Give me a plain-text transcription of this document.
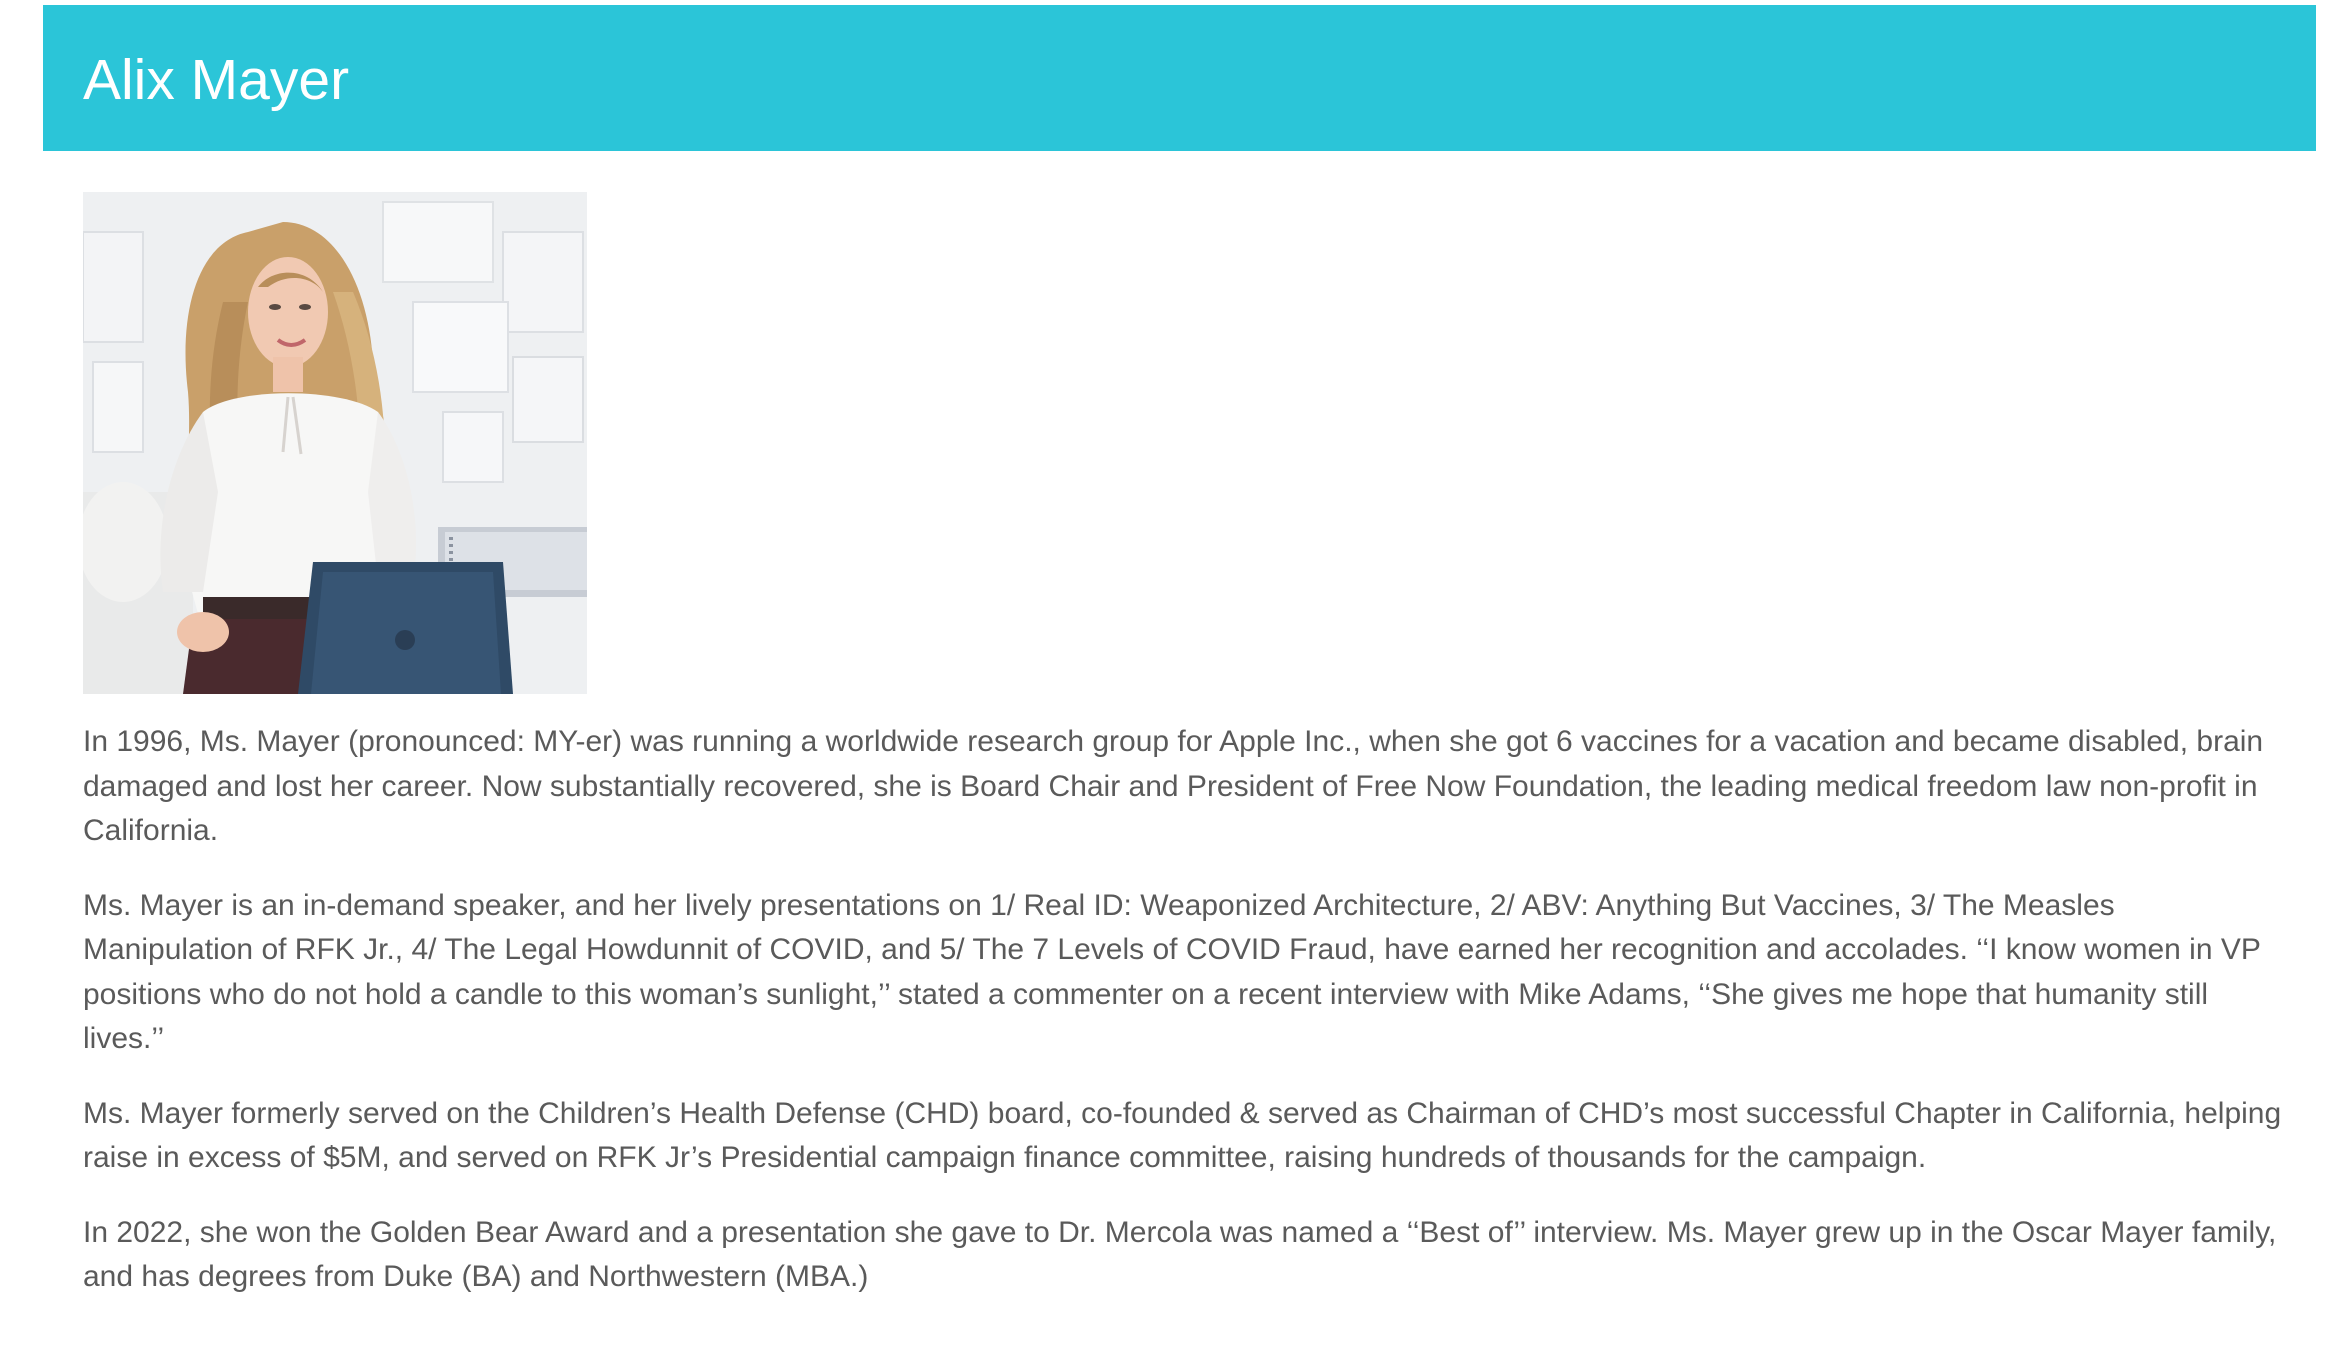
Alix Mayer

In 1996, Ms. Mayer (pronounced: MY-er) was running a worldwide research group for Apple Inc., when she got 6 vaccines for a vacation and became disabled, brain damaged and lost her career. Now substantially recovered, she is Board Chair and President of Free Now Foundation, the leading medical freedom law non-profit in California.

Ms. Mayer is an in-demand speaker, and her lively presentations on 1/ Real ID: Weaponized Architecture, 2/ ABV: Anything But Vaccines, 3/ The Measles Manipulation of RFK Jr., 4/ The Legal Howdunnit of COVID, and 5/ The 7 Levels of COVID Fraud, have earned her recognition and accolades. ‘‘I know women in VP positions who do not hold a candle to this woman’s sunlight,’’ stated a commenter on a recent interview with Mike Adams, ‘‘She gives me hope that humanity still lives.’’

Ms. Mayer formerly served on the Children’s Health Defense (CHD) board, co-founded & served as Chairman of CHD’s most successful Chapter in California, helping raise in excess of $5M, and served on RFK Jr’s Presidential campaign finance committee, raising hundreds of thousands for the campaign.

In 2022, she won the Golden Bear Award and a presentation she gave to Dr. Mercola was named a ‘‘Best of’’ interview. Ms. Mayer grew up in the Oscar Mayer family, and has degrees from Duke (BA) and Northwestern (MBA.)
